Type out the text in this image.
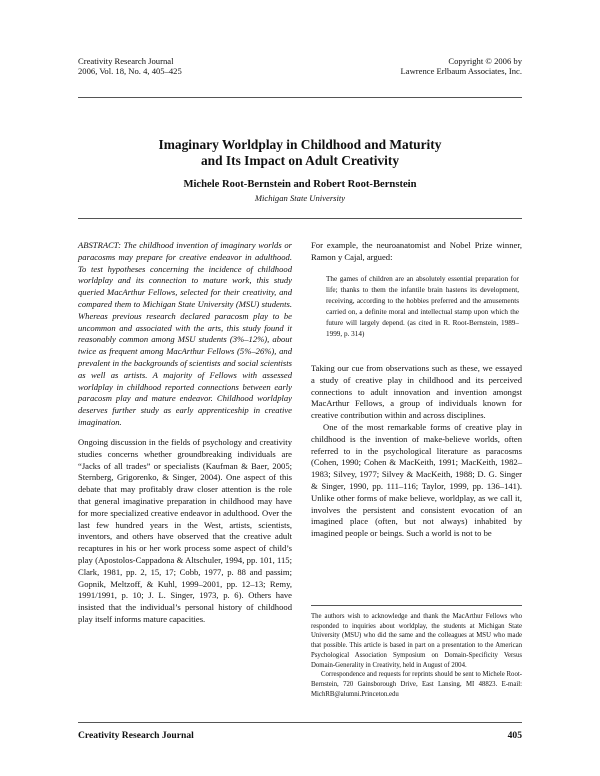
Creativity Research Journal
2006, Vol. 18, No. 4, 405–425
Copyright © 2006 by
Lawrence Erlbaum Associates, Inc.
Imaginary Worldplay in Childhood and Maturity
and Its Impact on Adult Creativity
Michele Root-Bernstein and Robert Root-Bernstein
Michigan State University

ABSTRACT: The childhood invention of imaginary worlds or paracosms may prepare for creative endeavor in adulthood. To test hypotheses concerning the incidence of childhood worldplay and its connection to mature work, this study queried MacArthur Fellows, selected for their creativity, and compared them to Michigan State University (MSU) students. Whereas previous research declared paracosm play to be uncommon and associated with the arts, this study found it reasonably common among MSU students (3%–12%), about twice as frequent among MacArthur Fellows (5%–26%), and prevalent in the backgrounds of scientists and social scientists as well as artists. A majority of Fellows with assessed worldplay in childhood reported connections between early paracosm play and mature endeavor. Childhood worldplay deserves further study as early apprenticeship in creative imagination.

Ongoing discussion in the fields of psychology and creativity studies concerns whether groundbreaking individuals are “Jacks of all trades” or specialists (Kaufman & Baer, 2005; Sternberg, Grigorenko, & Singer, 2004). One aspect of this debate that may profitably draw closer attention is the role that general imaginative preparation in childhood may have for more specialized creative endeavor in adulthood. Over the last few hundred years in the West, artists, scientists, inventors, and others have observed that the creative adult recaptures in his or her work process some aspect of child’s play (Apostolos-Cappadona & Altschuler, 1994, pp. 101, 115; Clark, 1981, pp. 2, 15, 17; Cobb, 1977, p. 88 and passim; Gopnik, Meltzoff, & Kuhl, 1999–2001, pp. 12–13; Remy, 1991/1991, p. 10; J. L. Singer, 1973, p. 6). Others have insisted that the individual’s personal history of childhood play itself informs mature capacities.

For example, the neuroanatomist and Nobel Prize winner, Ramon y Cajal, argued:

The games of children are an absolutely essential preparation for life; thanks to them the infantile brain hastens its development, receiving, according to the hobbies preferred and the amusements carried on, a definite moral and intellectual stamp upon which the future will largely depend. (as cited in R. Root-Bernstein, 1989–1999, p. 314)

Taking our cue from observations such as these, we essayed a study of creative play in childhood and its perceived connections to adult innovation and invention amongst MacArthur Fellows, a group of individuals known for creative contribution within and across disciplines.

One of the most remarkable forms of creative play in childhood is the invention of make-believe worlds, often referred to in the psychological literature as paracosms (Cohen, 1990; Cohen & MacKeith, 1991; MacKeith, 1982–1983; Silvey, 1977; Silvey & MacKeith, 1988; D. G. Singer & Singer, 1990, pp. 111–116; Taylor, 1999, pp. 136–141). Unlike other forms of make believe, worldplay, as we call it, involves the persistent and consistent evocation of an imagined place (often, but not always) inhabited by imagined people or beings. Such a world is not to be

The authors wish to acknowledge and thank the MacArthur Fellows who responded to inquiries about worldplay, the students at Michigan State University (MSU) who did the same and the colleagues at MSU who made that possible. This article is based in part on a presentation to the American Psychological Association Symposium on Domain-Specificity Versus Domain-Generality in Creativity, held in August of 2004.

Correspondence and requests for reprints should be sent to Michele Root-Bernstein, 720 Gainsborough Drive, East Lansing, MI 48823. E-mail: MichRB@alumni.Princeton.edu

Creativity Research Journal	405
